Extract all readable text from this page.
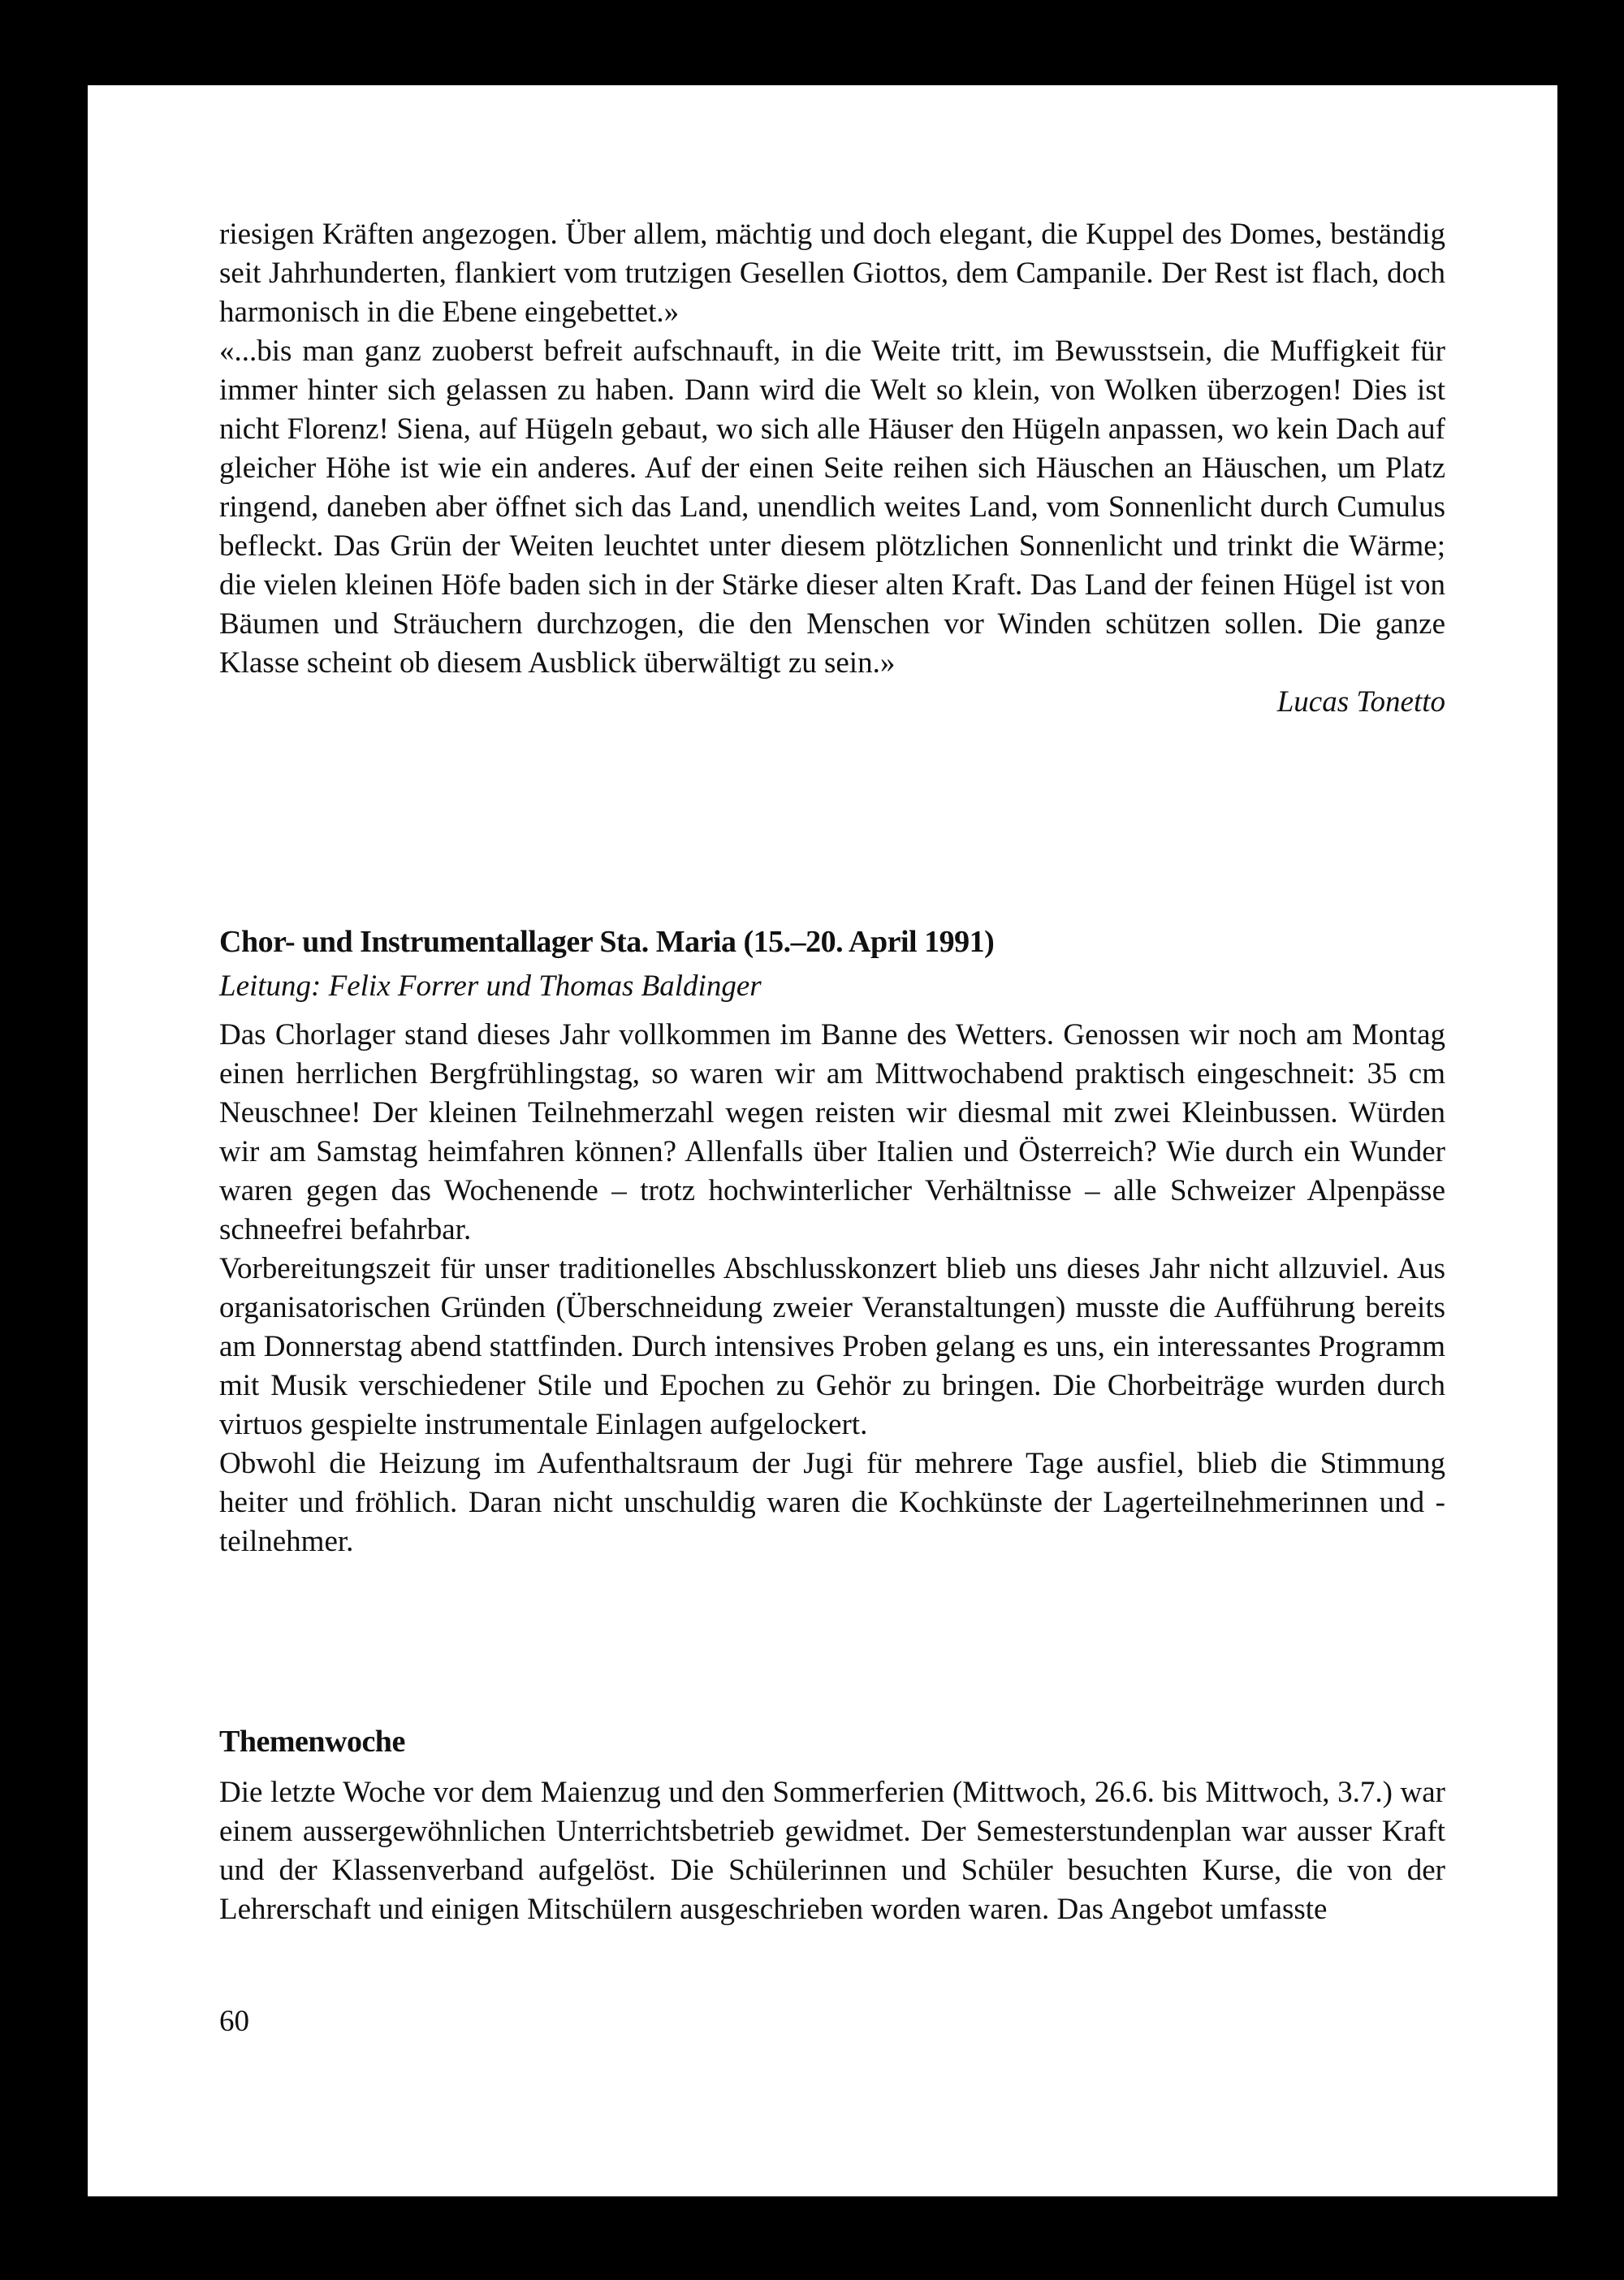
riesigen Kräften angezogen. Über allem, mächtig und doch elegant, die Kuppel des Domes, beständig seit Jahrhunderten, flankiert vom trutzigen Gesellen Giottos, dem Campanile. Der Rest ist flach, doch harmonisch in die Ebene eingebettet.»

«...bis man ganz zuoberst befreit aufschnauft, in die Weite tritt, im Bewusstsein, die Muffigkeit für immer hinter sich gelassen zu haben. Dann wird die Welt so klein, von Wolken überzogen! Dies ist nicht Florenz! Siena, auf Hügeln gebaut, wo sich alle Häuser den Hügeln anpassen, wo kein Dach auf gleicher Höhe ist wie ein anderes. Auf der einen Seite reihen sich Häuschen an Häuschen, um Platz ringend, daneben aber öffnet sich das Land, unendlich weites Land, vom Sonnenlicht durch Cumulus befleckt. Das Grün der Weiten leuchtet unter diesem plötzlichen Sonnenlicht und trinkt die Wärme; die vielen kleinen Höfe baden sich in der Stärke dieser alten Kraft. Das Land der feinen Hügel ist von Bäumen und Sträuchern durchzogen, die den Menschen vor Winden schützen sollen. Die ganze Klasse scheint ob diesem Ausblick überwältigt zu sein.»

Lucas Tonetto

Chor- und Instrumentallager Sta. Maria (15.–20. April 1991)

Leitung: Felix Forrer und Thomas Baldinger

Das Chorlager stand dieses Jahr vollkommen im Banne des Wetters. Genossen wir noch am Montag einen herrlichen Bergfrühlingstag, so waren wir am Mittwochabend praktisch eingeschneit: 35 cm Neuschnee! Der kleinen Teilnehmerzahl wegen reisten wir diesmal mit zwei Kleinbussen. Würden wir am Samstag heimfahren können? Allenfalls über Italien und Österreich? Wie durch ein Wunder waren gegen das Wochenende – trotz hochwinterlicher Verhältnisse – alle Schweizer Alpenpässe schneefrei befahrbar.

Vorbereitungszeit für unser traditionelles Abschlusskonzert blieb uns dieses Jahr nicht allzuviel. Aus organisatorischen Gründen (Überschneidung zweier Veranstaltungen) musste die Aufführung bereits am Donnerstag abend stattfinden. Durch intensives Proben gelang es uns, ein interessantes Programm mit Musik verschiedener Stile und Epochen zu Gehör zu bringen. Die Chorbeiträge wurden durch virtuos gespielte instrumentale Einlagen aufgelockert.

Obwohl die Heizung im Aufenthaltsraum der Jugi für mehrere Tage ausfiel, blieb die Stimmung heiter und fröhlich. Daran nicht unschuldig waren die Kochkünste der Lagerteilnehmerinnen und -teilnehmer.

Themenwoche

Die letzte Woche vor dem Maienzug und den Sommerferien (Mittwoch, 26.6. bis Mittwoch, 3.7.) war einem aussergewöhnlichen Unterrichtsbetrieb gewidmet. Der Semesterstundenplan war ausser Kraft und der Klassenverband aufgelöst. Die Schülerinnen und Schüler besuchten Kurse, die von der Lehrerschaft und einigen Mitschülern ausgeschrieben worden waren. Das Angebot umfasste

60
